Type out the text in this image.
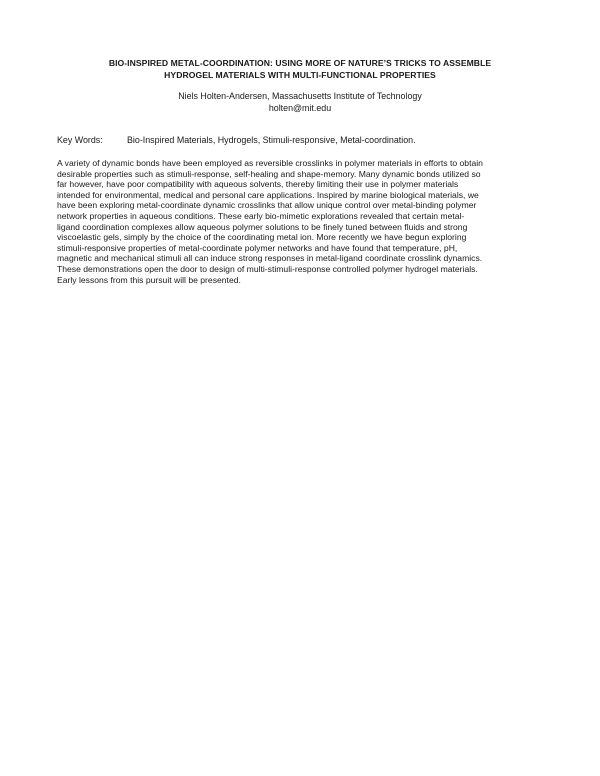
BIO-INSPIRED METAL-COORDINATION: USING MORE OF NATURE’S TRICKS TO ASSEMBLE
HYDROGEL MATERIALS WITH MULTI-FUNCTIONAL PROPERTIES
Niels Holten-Andersen, Massachusetts Institute of Technology
holten@mit.edu
Key Words:	Bio-Inspired Materials, Hydrogels, Stimuli-responsive, Metal-coordination.
A variety of dynamic bonds have been employed as reversible crosslinks in polymer materials in efforts to obtain
desirable properties such as stimuli-response, self-healing and shape-memory. Many dynamic bonds utilized so
far however, have poor compatibility with aqueous solvents, thereby limiting their use in polymer materials
intended for environmental, medical and personal care applications. Inspired by marine biological materials, we
have been exploring metal-coordinate dynamic crosslinks that allow unique control over metal-binding polymer
network properties in aqueous conditions. These early bio-mimetic explorations revealed that certain metal-
ligand coordination complexes allow aqueous polymer solutions to be finely tuned between fluids and strong
viscoelastic gels, simply by the choice of the coordinating metal ion. More recently we have begun exploring
stimuli-responsive properties of metal-coordinate polymer networks and have found that temperature, pH,
magnetic and mechanical stimuli all can induce strong responses in metal-ligand coordinate crosslink dynamics.
These demonstrations open the door to design of multi-stimuli-response controlled polymer hydrogel materials.
Early lessons from this pursuit will be presented.
